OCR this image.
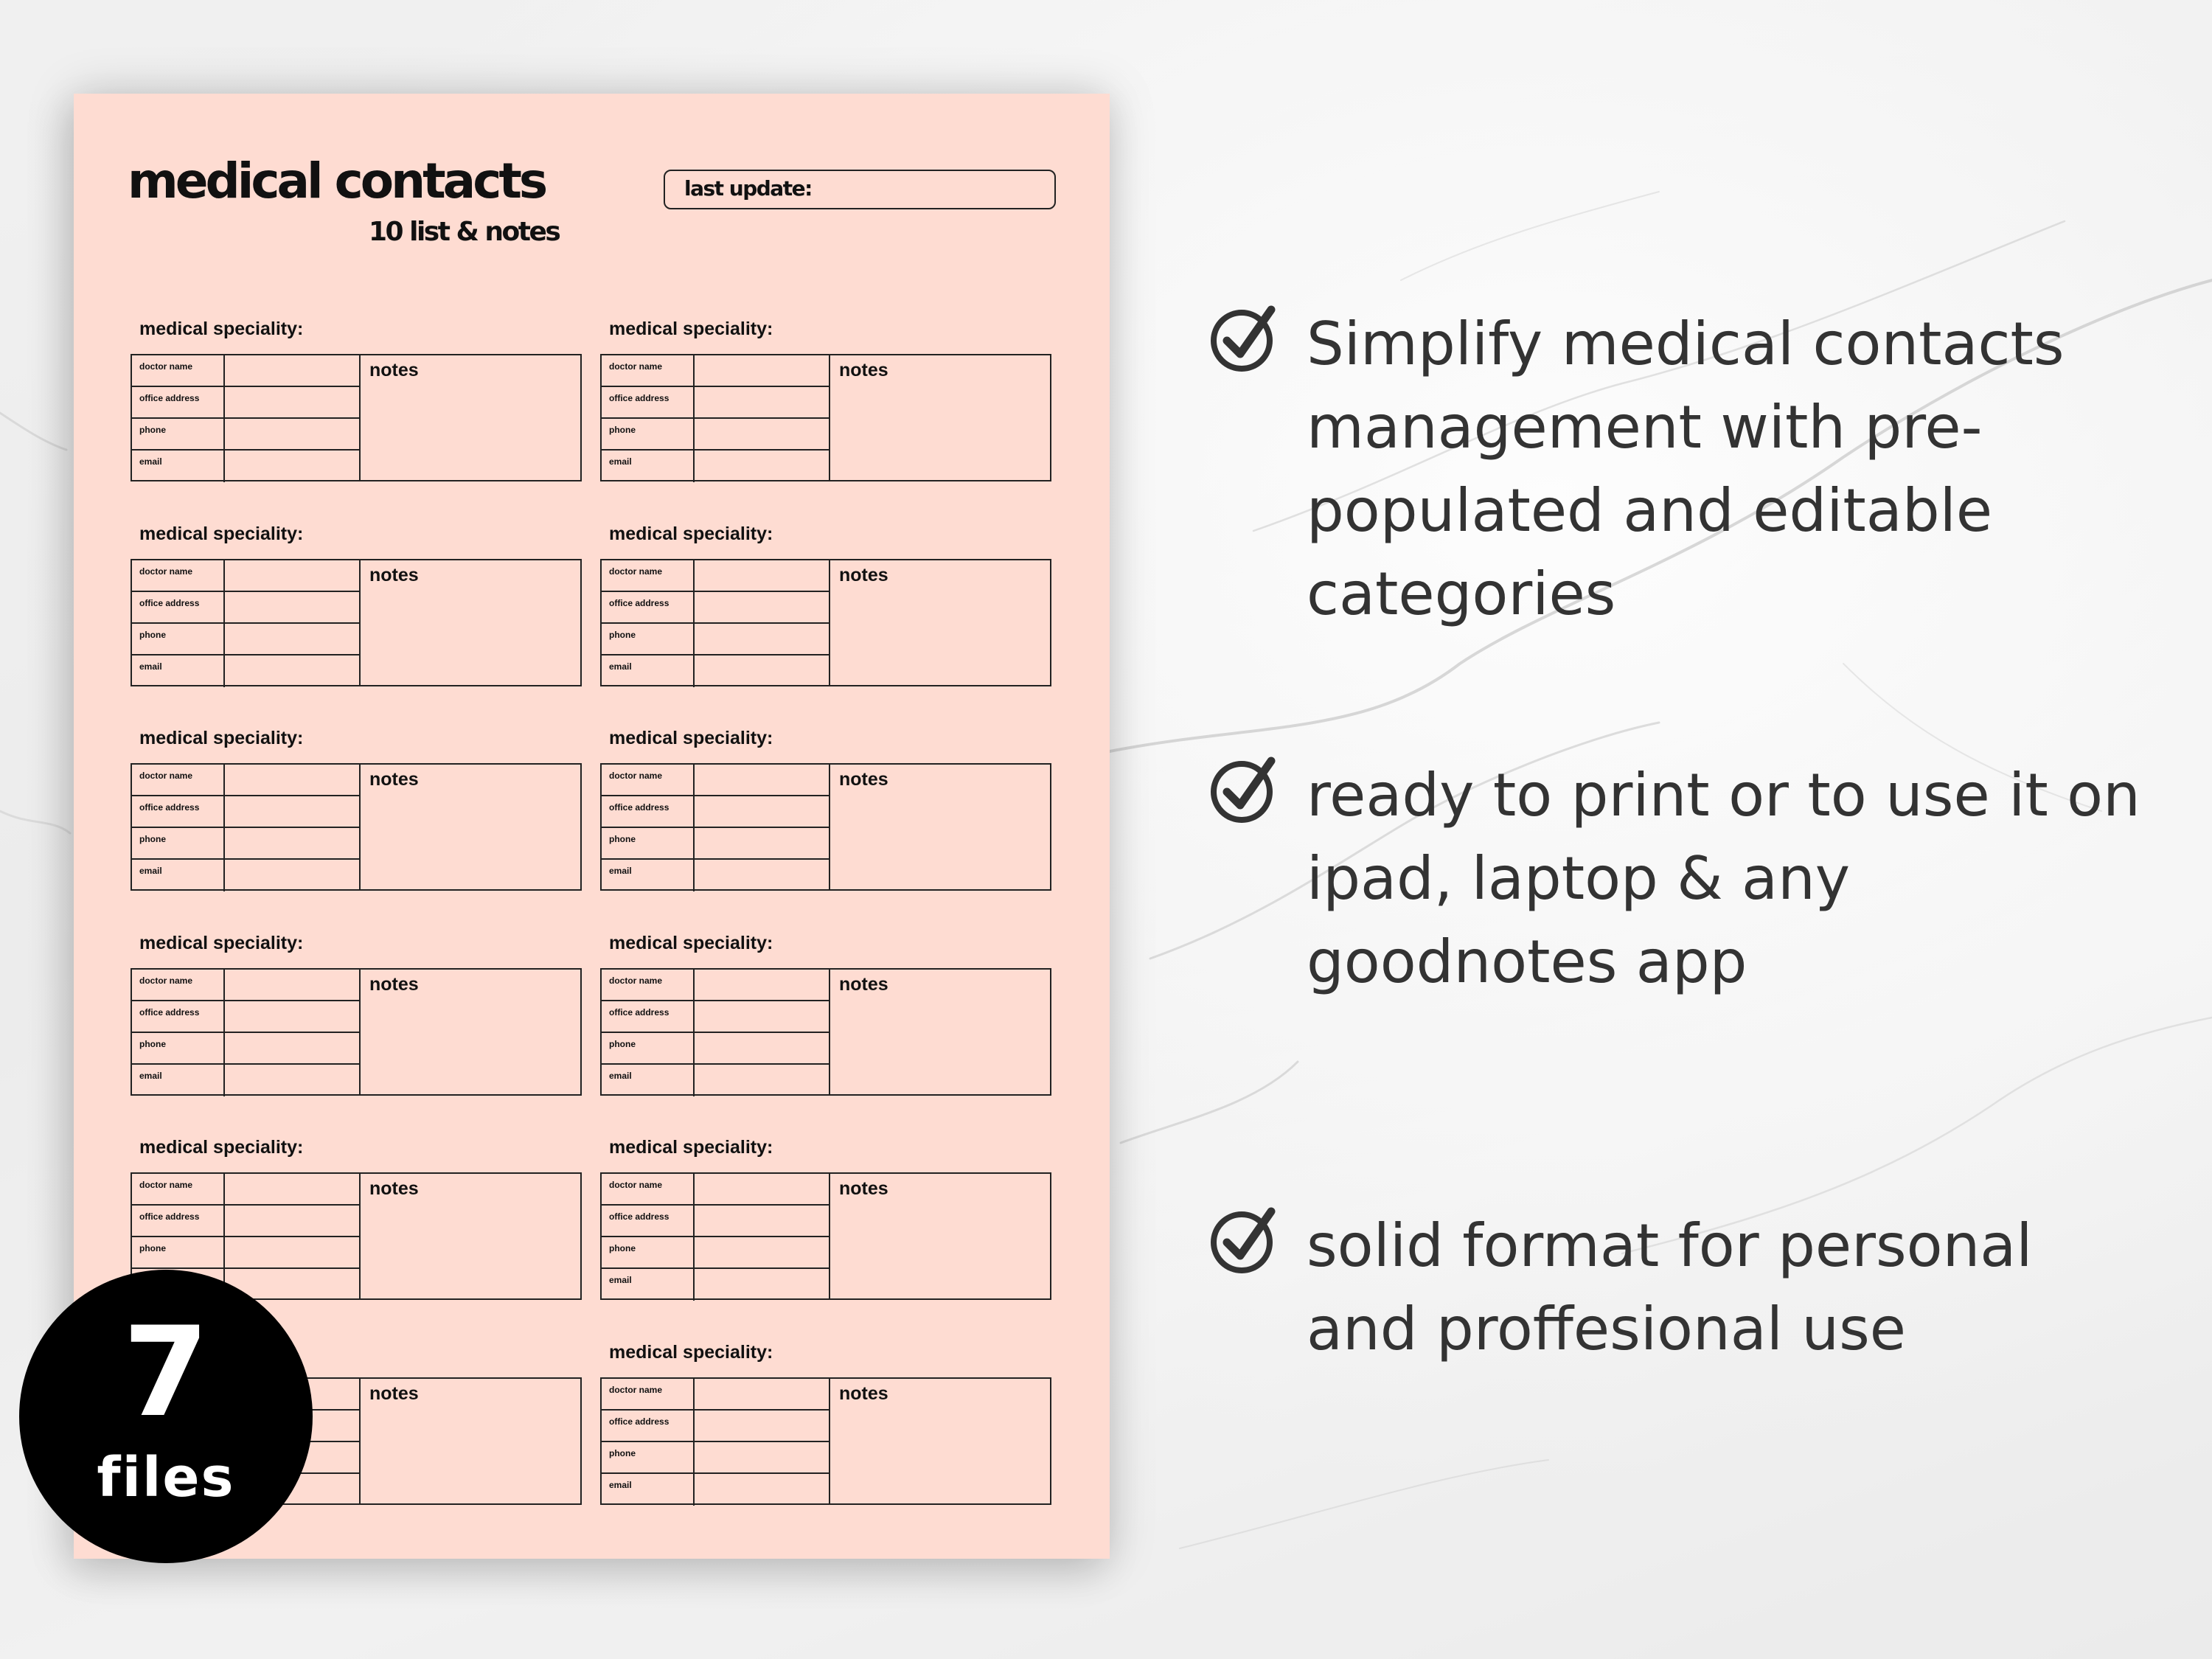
medical contacts
10 list & notes
last update:
medical speciality:
doctor name
office address
phone
email
notes
medical speciality:
doctor name
office address
phone
email
notes
medical speciality:
doctor name
office address
phone
email
notes
medical speciality:
doctor name
office address
phone
email
notes
medical speciality:
doctor name
office address
phone
email
notes
medical speciality:
doctor name
office address
phone
email
notes
medical speciality:
doctor name
office address
phone
email
notes
medical speciality:
doctor name
office address
phone
email
notes
medical speciality:
doctor name
office address
phone
notes
medical speciality:
doctor name
office address
phone
email
notes
notes
medical speciality:
doctor name
office address
phone
email
notes
7
files
Simplify medical contacts management with pre-populated and editable categories
ready to print or to use it on ipad, laptop & any goodnotes app
solid format for personal and proffesional use
